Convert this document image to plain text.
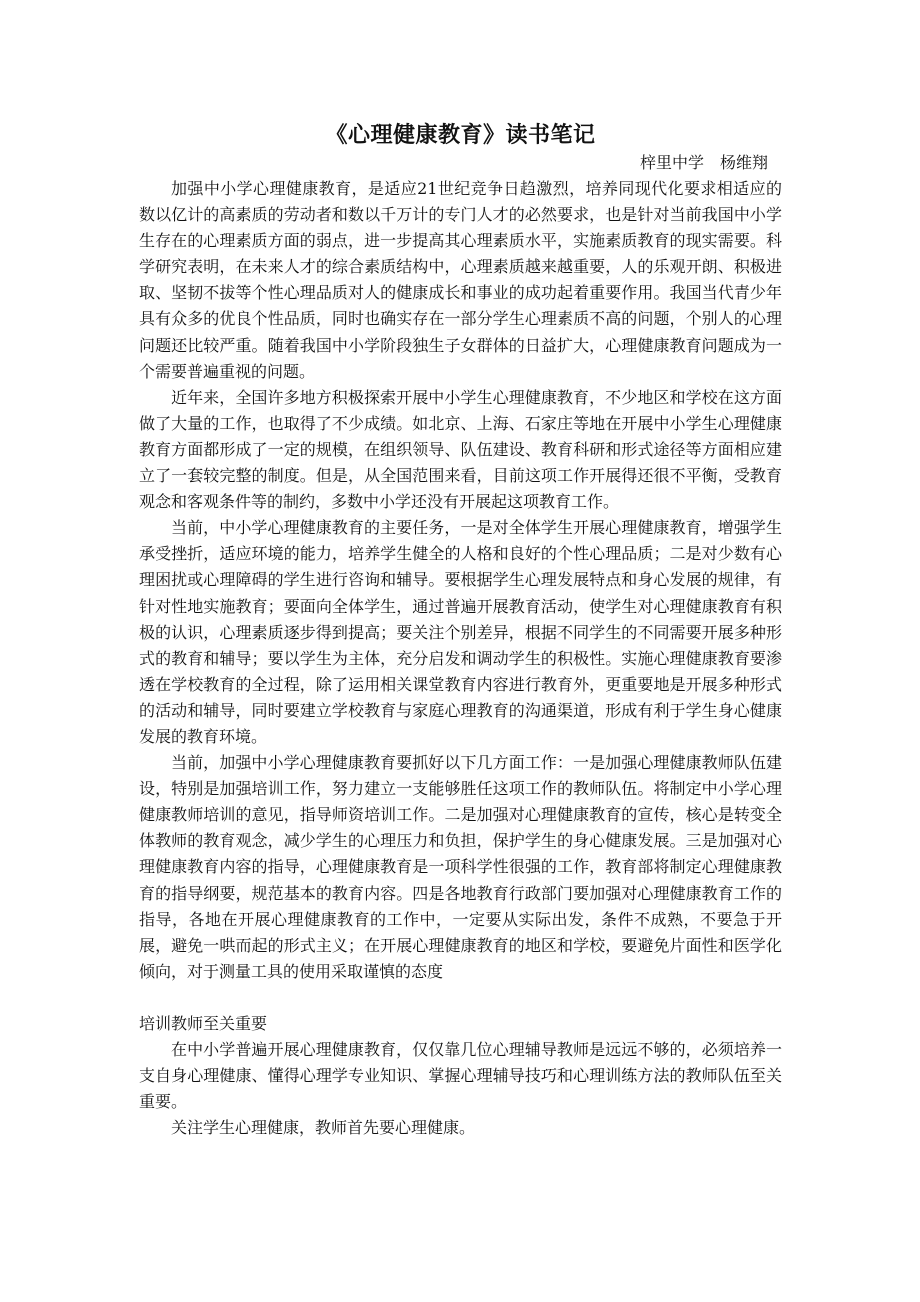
《心理健康教育》读书笔记

梓里中学　杨维翔

加强中小学心理健康教育，是适应21世纪竞争日趋激烈，培养同现代化要求相适应的数以亿计的高素质的劳动者和数以千万计的专门人才的必然要求，也是针对当前我国中小学生存在的心理素质方面的弱点，进一步提高其心理素质水平，实施素质教育的现实需要。科学研究表明，在未来人才的综合素质结构中，心理素质越来越重要，人的乐观开朗、积极进取、坚韧不拔等个性心理品质对人的健康成长和事业的成功起着重要作用。我国当代青少年具有众多的优良个性品质，同时也确实存在一部分学生心理素质不高的问题，个别人的心理问题还比较严重。随着我国中小学阶段独生子女群体的日益扩大，心理健康教育问题成为一个需要普遍重视的问题。

近年来，全国许多地方积极探索开展中小学生心理健康教育，不少地区和学校在这方面做了大量的工作，也取得了不少成绩。如北京、上海、石家庄等地在开展中小学生心理健康教育方面都形成了一定的规模，在组织领导、队伍建设、教育科研和形式途径等方面相应建立了一套较完整的制度。但是，从全国范围来看，目前这项工作开展得还很不平衡，受教育观念和客观条件等的制约，多数中小学还没有开展起这项教育工作。

当前，中小学心理健康教育的主要任务，一是对全体学生开展心理健康教育，增强学生承受挫折，适应环境的能力，培养学生健全的人格和良好的个性心理品质；二是对少数有心理困扰或心理障碍的学生进行咨询和辅导。要根据学生心理发展特点和身心发展的规律，有针对性地实施教育；要面向全体学生，通过普遍开展教育活动，使学生对心理健康教育有积极的认识，心理素质逐步得到提高；要关注个别差异，根据不同学生的不同需要开展多种形式的教育和辅导；要以学生为主体，充分启发和调动学生的积极性。实施心理健康教育要渗透在学校教育的全过程，除了运用相关课堂教育内容进行教育外，更重要地是开展多种形式的活动和辅导，同时要建立学校教育与家庭心理教育的沟通渠道，形成有利于学生身心健康发展的教育环境。

当前，加强中小学心理健康教育要抓好以下几方面工作：一是加强心理健康教师队伍建设，特别是加强培训工作，努力建立一支能够胜任这项工作的教师队伍。将制定中小学心理健康教师培训的意见，指导师资培训工作。二是加强对心理健康教育的宣传，核心是转变全体教师的教育观念，减少学生的心理压力和负担，保护学生的身心健康发展。三是加强对心理健康教育内容的指导，心理健康教育是一项科学性很强的工作，教育部将制定心理健康教育的指导纲要，规范基本的教育内容。四是各地教育行政部门要加强对心理健康教育工作的指导，各地在开展心理健康教育的工作中，一定要从实际出发，条件不成熟，不要急于开展，避免一哄而起的形式主义；在开展心理健康教育的地区和学校，要避免片面性和医学化倾向，对于测量工具的使用采取谨慎的态度

培训教师至关重要

在中小学普遍开展心理健康教育，仅仅靠几位心理辅导教师是远远不够的，必须培养一支自身心理健康、懂得心理学专业知识、掌握心理辅导技巧和心理训练方法的教师队伍至关重要。

关注学生心理健康，教师首先要心理健康。
